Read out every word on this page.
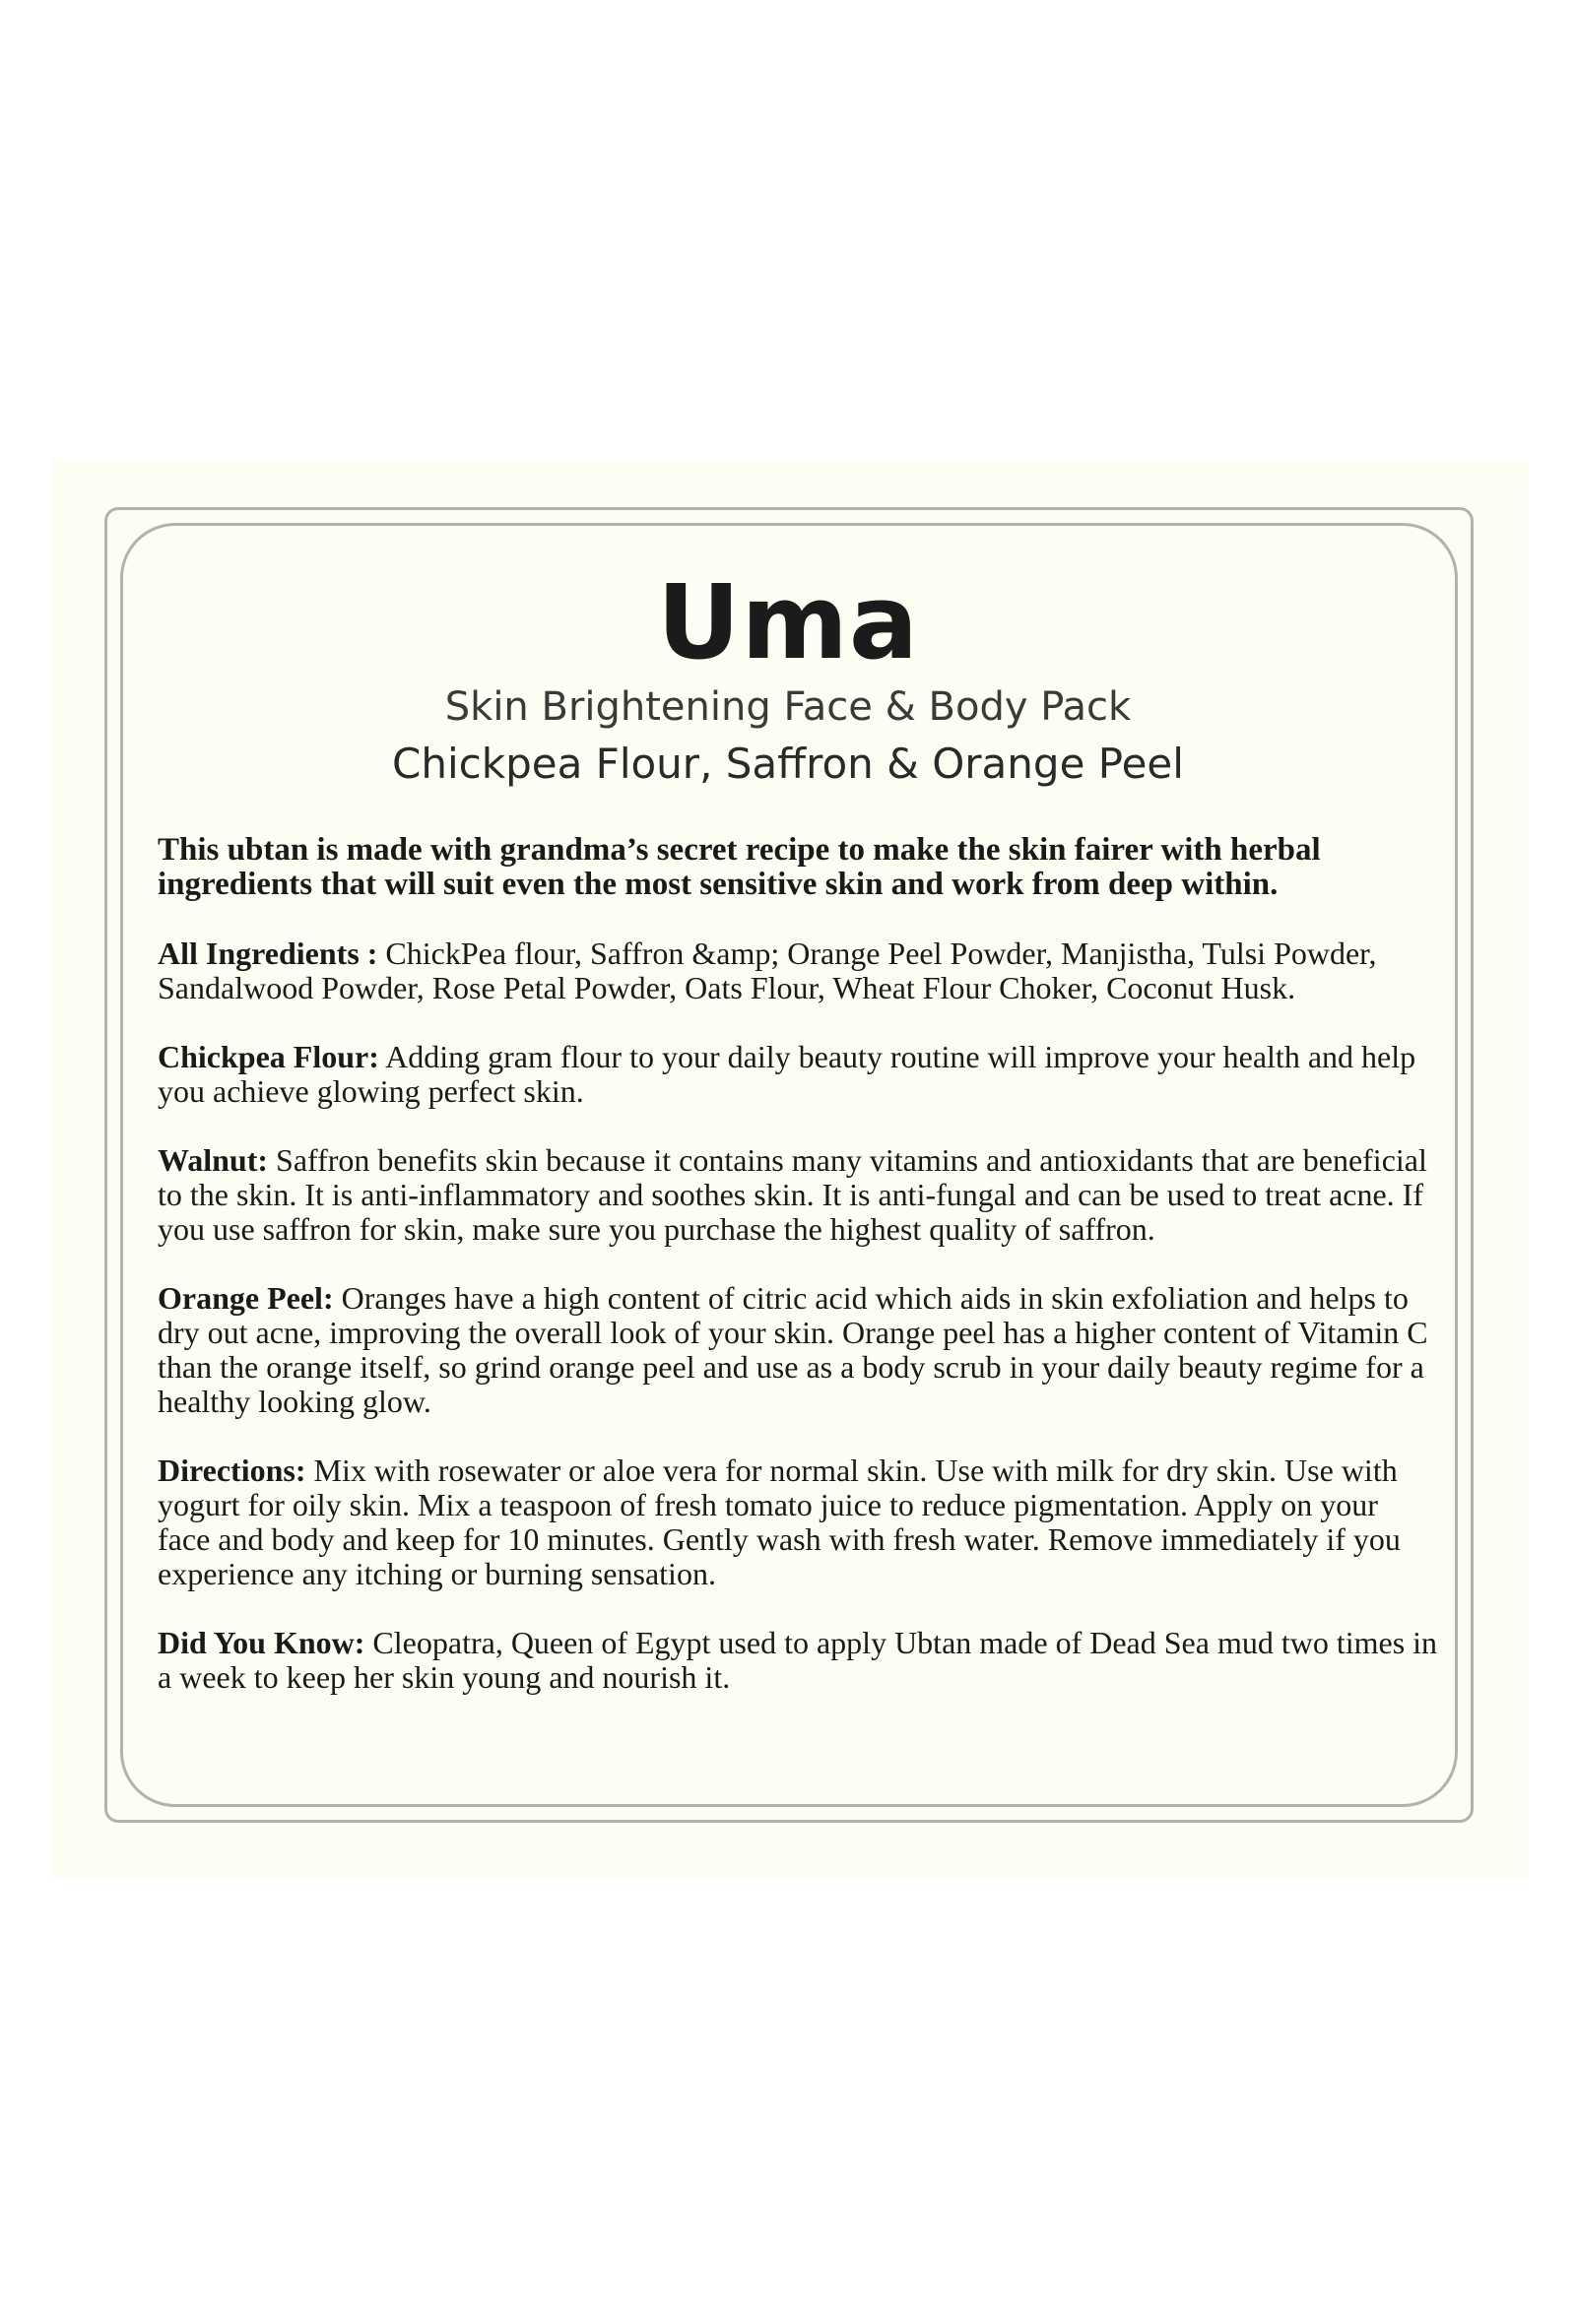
Uma
Skin Brightening Face & Body Pack
Chickpea Flour, Saffron & Orange Peel

This ubtan is made with grandma’s secret recipe to make the skin fairer with herbal ingredients that will suit even the most sensitive skin and work from deep within.

All Ingredients : ChickPea flour, Saffron &amp; Orange Peel Powder, Manjistha, Tulsi Powder, Sandalwood Powder, Rose Petal Powder, Oats Flour, Wheat Flour Choker, Coconut Husk.

Chickpea Flour: Adding gram flour to your daily beauty routine will improve your health and help you achieve glowing perfect skin.

Walnut: Saffron benefits skin because it contains many vitamins and antioxidants that are beneficial to the skin. It is anti-inflammatory and soothes skin. It is anti-fungal and can be used to treat acne. If you use saffron for skin, make sure you purchase the highest quality of saffron.

Orange Peel: Oranges have a high content of citric acid which aids in skin exfoliation and helps to dry out acne, improving the overall look of your skin. Orange peel has a higher content of Vitamin C than the orange itself, so grind orange peel and use as a body scrub in your daily beauty regime for a healthy looking glow.

Directions: Mix with rosewater or aloe vera for normal skin. Use with milk for dry skin. Use with yogurt for oily skin. Mix a teaspoon of fresh tomato juice to reduce pigmentation. Apply on your face and body and keep for 10 minutes. Gently wash with fresh water. Remove immediately if you experience any itching or burning sensation.

Did You Know: Cleopatra, Queen of Egypt used to apply Ubtan made of Dead Sea mud two times in a week to keep her skin young and nourish it.
